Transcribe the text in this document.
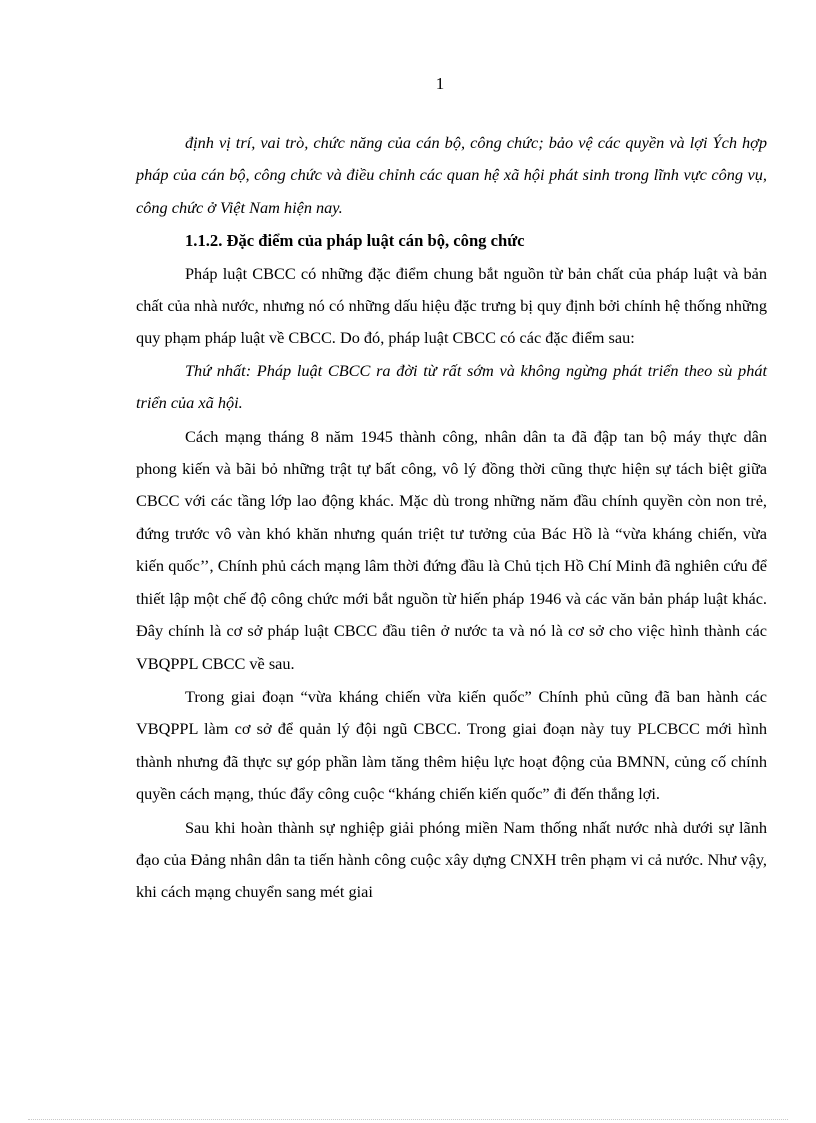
1

định vị trí, vai trò, chức năng của cán bộ, công chức; bảo vệ các quyền và lợi Ých hợp pháp của cán bộ, công chức và điều chỉnh các quan hệ xã hội phát sinh trong lĩnh vực công vụ, công chức ở Việt Nam hiện nay.

1.1.2. Đặc điểm của pháp luật cán bộ, công chức

Pháp luật CBCC có những đặc điểm chung bắt nguồn từ bản chất của pháp luật và bản chất của nhà nước, nhưng nó có những dấu hiệu đặc trưng bị quy định bởi chính hệ thống những quy phạm pháp luật về CBCC. Do đó, pháp luật CBCC có các đặc điểm sau:

Thứ nhất: Pháp luật CBCC ra đời từ rất sớm và không ngừng phát triển theo sù phát triển của xã hội.

Cách mạng tháng 8 năm 1945 thành công, nhân dân ta đã đập tan bộ máy thực dân phong kiến và bãi bỏ những trật tự bất công, vô lý đồng thời cũng thực hiện sự tách biệt giữa CBCC với các tầng lớp lao động khác. Mặc dù trong những năm đầu chính quyền còn non trẻ, đứng trước vô vàn khó khăn nhưng quán triệt tư tưởng của Bác Hồ là “vừa kháng chiến, vừa kiến quốc’’, Chính phủ cách mạng lâm thời đứng đầu là Chủ tịch Hồ Chí Minh đã nghiên cứu để thiết lập một chế độ công chức mới bắt nguồn từ hiến pháp 1946 và các văn bản pháp luật khác. Đây chính là cơ sở pháp luật CBCC đầu tiên ở nước ta và nó là cơ sở cho việc hình thành các VBQPPL CBCC về sau.

Trong giai đoạn “vừa kháng chiến vừa kiến quốc” Chính phủ cũng đã ban hành các VBQPPL làm cơ sở để quản lý đội ngũ CBCC. Trong giai đoạn này tuy PLCBCC mới hình thành nhưng đã thực sự góp phần làm tăng thêm hiệu lực hoạt động của BMNN, củng cố chính quyền cách mạng, thúc đẩy công cuộc “kháng chiến kiến quốc” đi đến thắng lợi.

Sau khi hoàn thành sự nghiệp giải phóng miền Nam thống nhất nước nhà dưới sự lãnh đạo của Đảng nhân dân ta tiến hành công cuộc xây dựng CNXH trên phạm vi cả nước. Như vậy, khi cách mạng chuyển sang mét giai
